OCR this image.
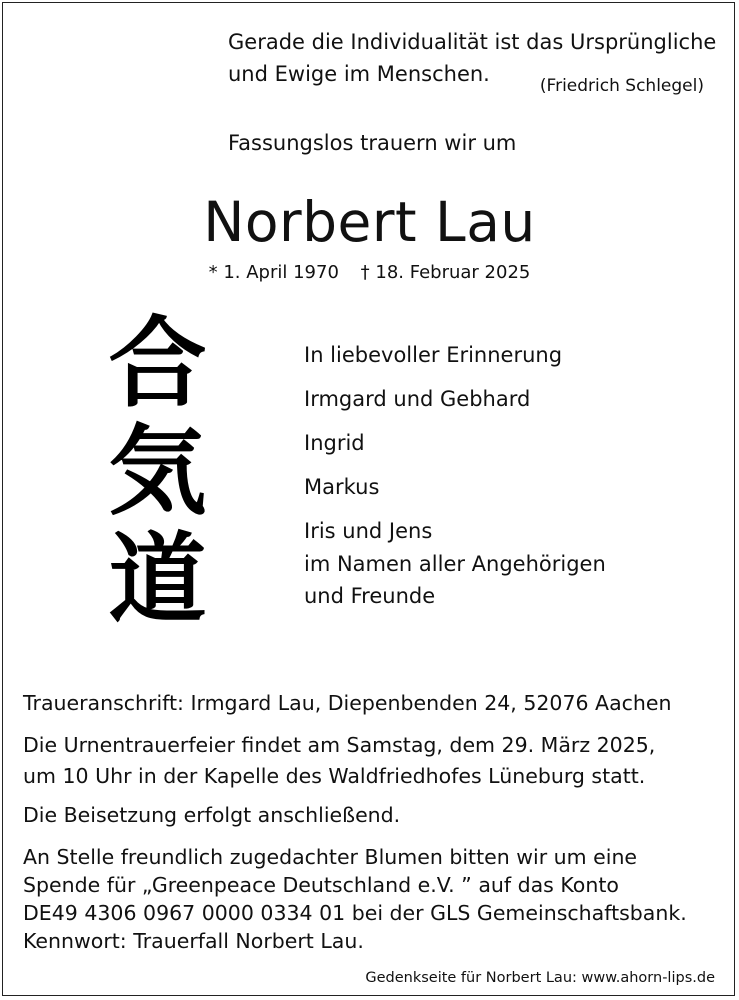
Gerade die Individualität ist das Ursprüngliche
und Ewige im Menschen.	(Friedrich Schlegel)
Fassungslos trauern wir um
Norbert Lau
* 1. April 1970 † 18. Februar 2025
合
気
道
In liebevoller Erinnerung
Irmgard und Gebhard
Ingrid
Markus
Iris und Jens
im Namen aller Angehörigen
und Freunde
Traueranschrift: Irmgard Lau, Diepenbenden 24, 52076 Aachen
Die Urnentrauerfeier findet am Samstag, dem 29. März 2025,
um 10 Uhr in der Kapelle des Waldfriedhofes Lüneburg statt.
Die Beisetzung erfolgt anschließend.
An Stelle freundlich zugedachter Blumen bitten wir um eine
Spende für „Greenpeace Deutschland e.V. ” auf das Konto
DE49 4306 0967 0000 0334 01 bei der GLS Gemeinschaftsbank.
Kennwort: Trauerfall Norbert Lau.
Gedenkseite für Norbert Lau: www.ahorn-lips.de
